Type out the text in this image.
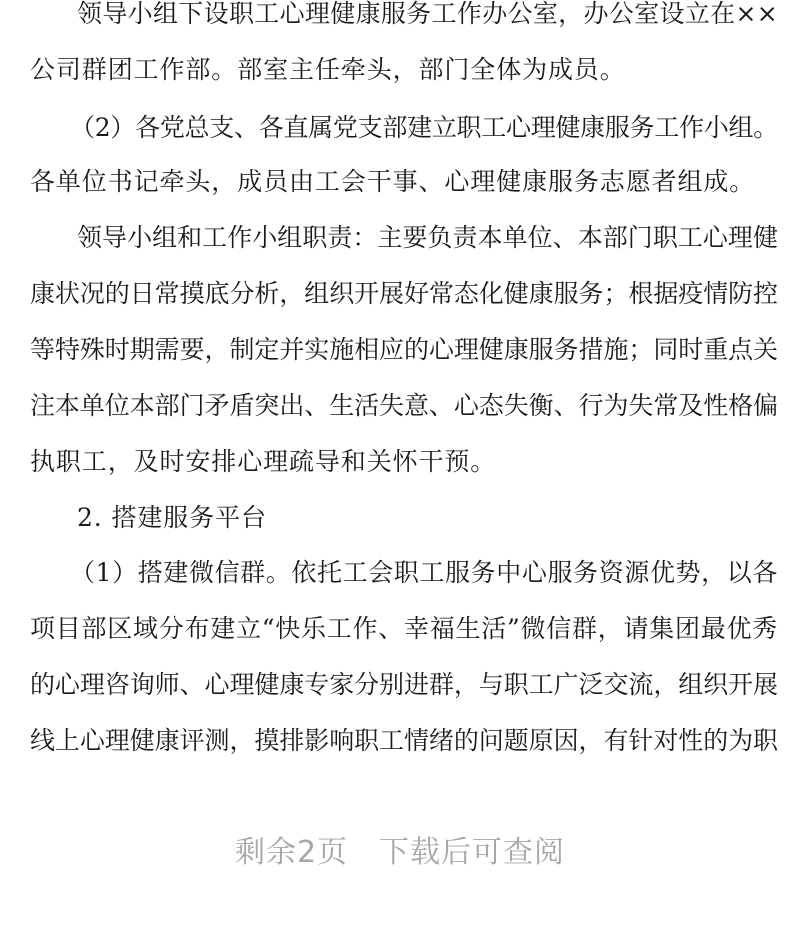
领导小组下设职工心理健康服务工作办公室，办公室设立在××
公司群团工作部。部室主任牵头，部门全体为成员。
（2）各党总支、各直属党支部建立职工心理健康服务工作小组。
各单位书记牵头，成员由工会干事、心理健康服务志愿者组成。
领导小组和工作小组职责：主要负责本单位、本部门职工心理健
康状况的日常摸底分析，组织开展好常态化健康服务；根据疫情防控
等特殊时期需要，制定并实施相应的心理健康服务措施；同时重点关
注本单位本部门矛盾突出、生活失意、心态失衡、行为失常及性格偏
执职工，及时安排心理疏导和关怀干预。
2. 搭建服务平台
（1）搭建微信群。依托工会职工服务中心服务资源优势，以各
项目部区域分布建立“快乐工作、幸福生活”微信群，请集团最优秀
的心理咨询师、心理健康专家分别进群，与职工广泛交流，组织开展
线上心理健康评测，摸排影响职工情绪的问题原因，有针对性的为职
剩余2页　下载后可查阅
